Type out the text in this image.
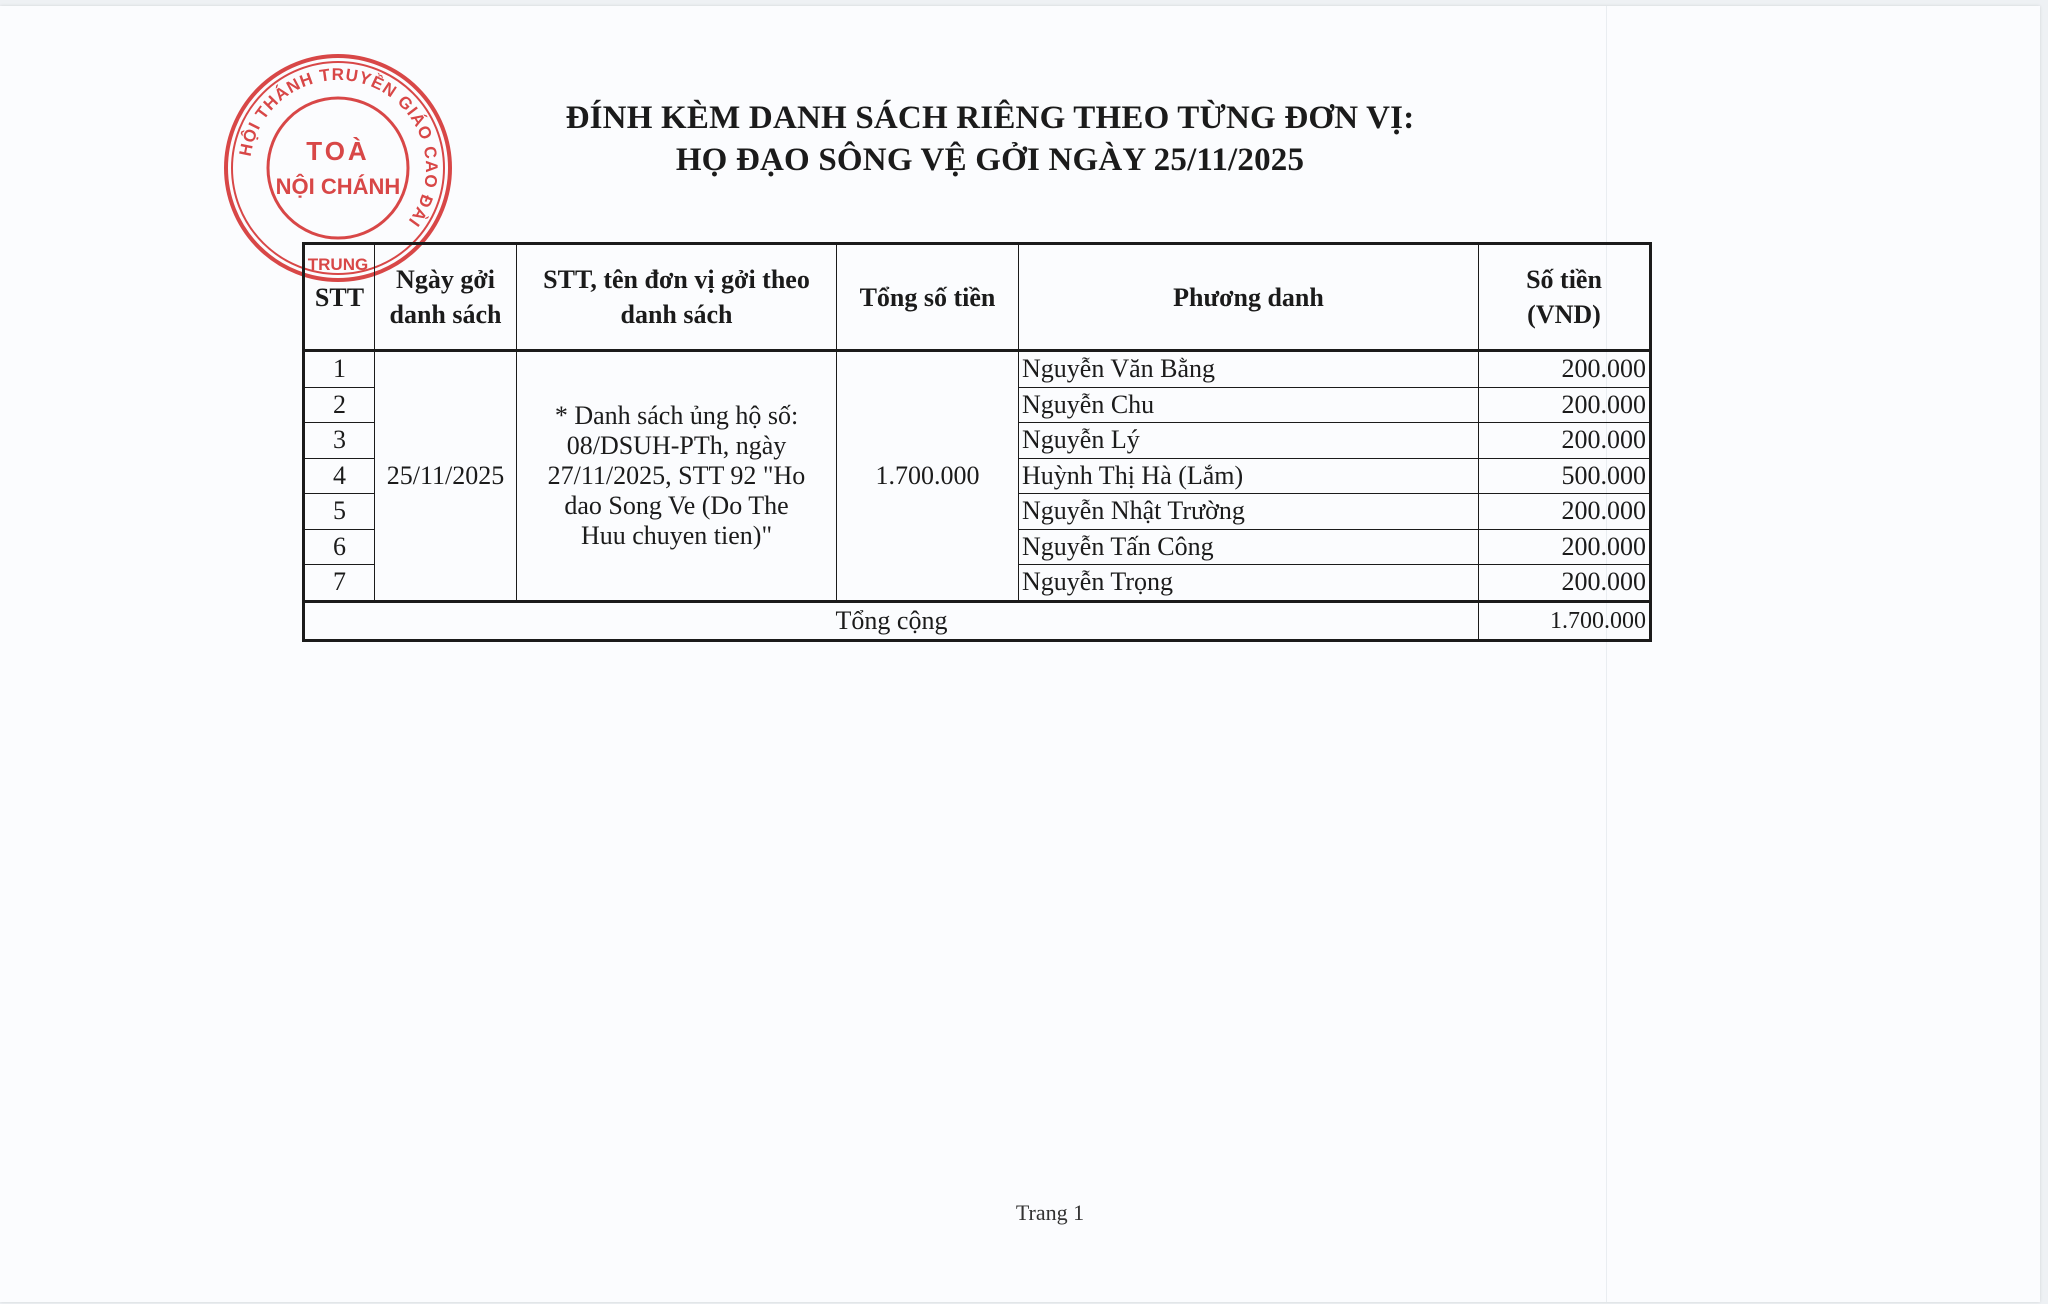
HỘI THÁNH TRUYỀN GIÁO CAO ĐÀI
TRUNG
TOÀ
NỘI CHÁNH
ĐÍNH KÈM DANH SÁCH RIÊNG THEO TỪNG ĐƠN VỊ:
HỌ ĐẠO SÔNG VỆ GỞI NGÀY 25/11/2025
STT	Ngày gởi
danh sách	STT, tên đơn vị gởi theo
danh sách	Tổng số tiền	Phương danh	Số tiền
(VND)
1	25/11/2025	* Danh sách ủng hộ số:
08/DSUH-PTh, ngày
27/11/2025, STT 92 "Ho
dao Song Ve (Do The
Huu chuyen tien)"	1.700.000	Nguyễn Văn Bằng	200.000
2				Nguyễn Chu	200.000
3				Nguyễn Lý	200.000
4				Huỳnh Thị Hà (Lắm)	500.000
5				Nguyễn Nhật Trường	200.000
6				Nguyễn Tấn Công	200.000
7				Nguyễn Trọng	200.000
Tổng cộng					1.700.000
Trang 1
